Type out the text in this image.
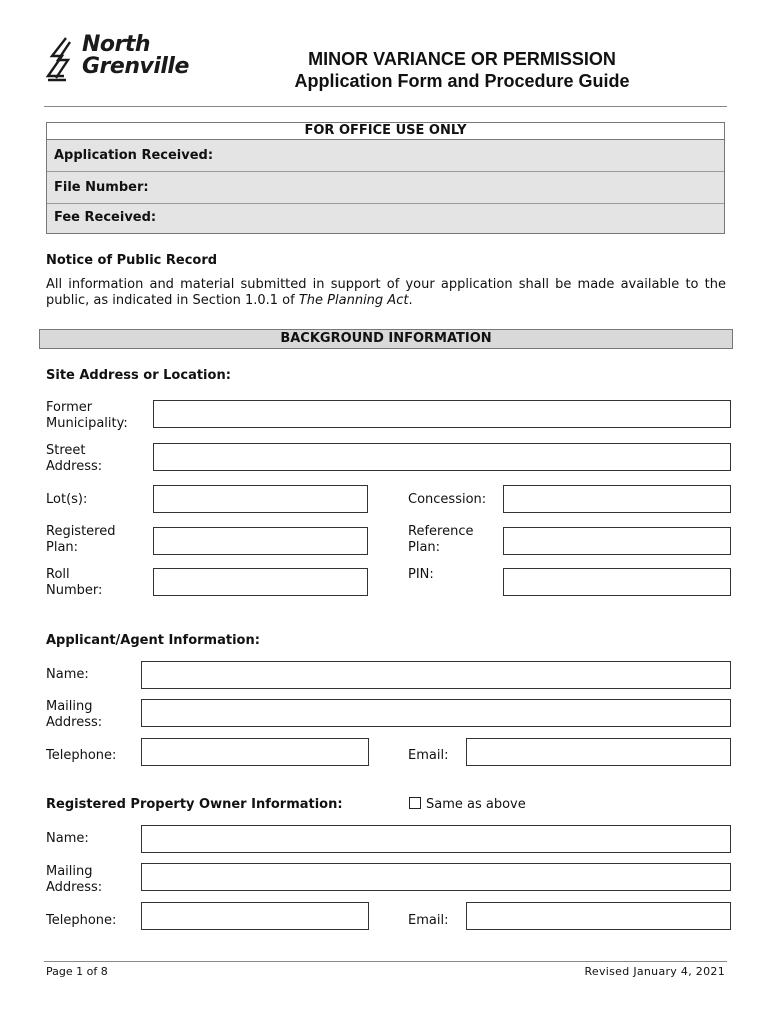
North
Grenville	MINOR VARIANCE OR PERMISSION
Application Form and Procedure Guide
FOR OFFICE USE ONLY
Application Received:
File Number:
Fee Received:
Notice of Public Record
All information and material submitted in support of your application shall be made available to the public, as indicated in Section 1.0.1 of The Planning Act.
BACKGROUND INFORMATION
Site Address or Location:
Former
Municipality:
Street
Address:
Lot(s):	Concession:
Registered
Plan:
Reference
Plan:
Roll
Number:
PIN:
Applicant/Agent Information:
Name:
Mailing
Address:
Telephone:	Email:
Registered Property Owner Information:	Same as above
Name:
Mailing
Address:
Telephone:	Email:
Page 1 of 8	Revised January 4, 2021
